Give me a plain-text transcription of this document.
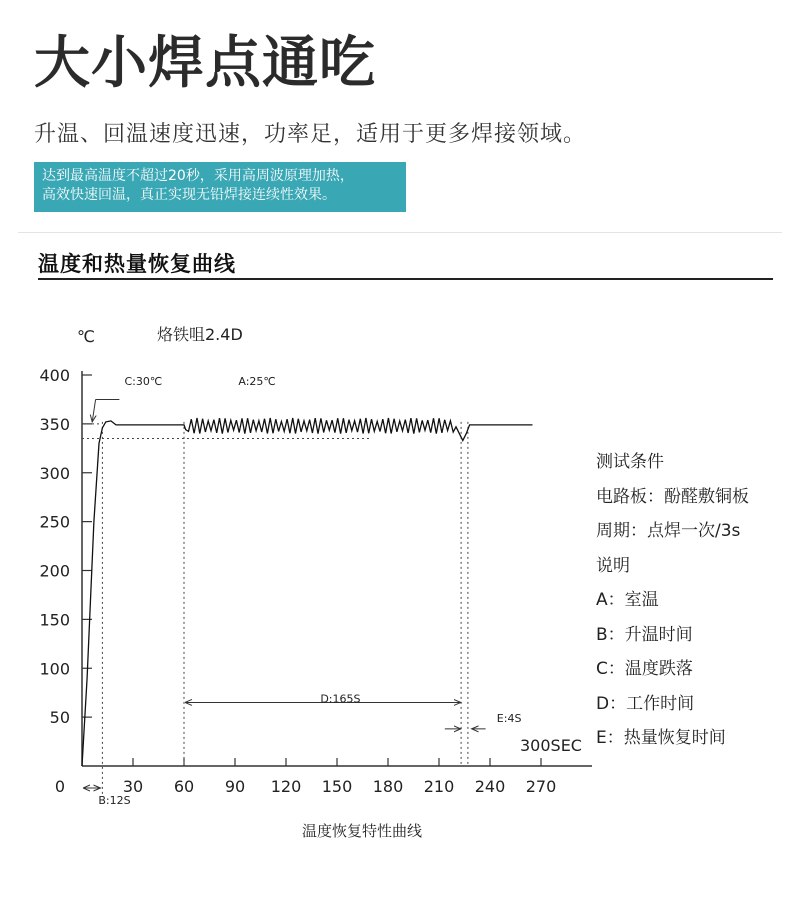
大小焊点通吃

升温、回温速度迅速，功率足，适用于更多焊接领域。

达到最高温度不超过20秒，采用高周波原理加热，
高效快速回温，真正实现无铅焊接连续性效果。
温度和热量恢复曲线
50
100
150
200
250
300
350
400
0	30 60 90 120 150 180 210 240 270
℃
300SEC
烙铁咀2.4D
C:30℃	A:25℃
D:165S
E:4S
B:12S
测试条件
电路板：酚醛敷铜板
周期：点焊一次/3s
说明
A：室温
B：升温时间
C：温度跌落
D：工作时间
E：热量恢复时间
温度恢复特性曲线
